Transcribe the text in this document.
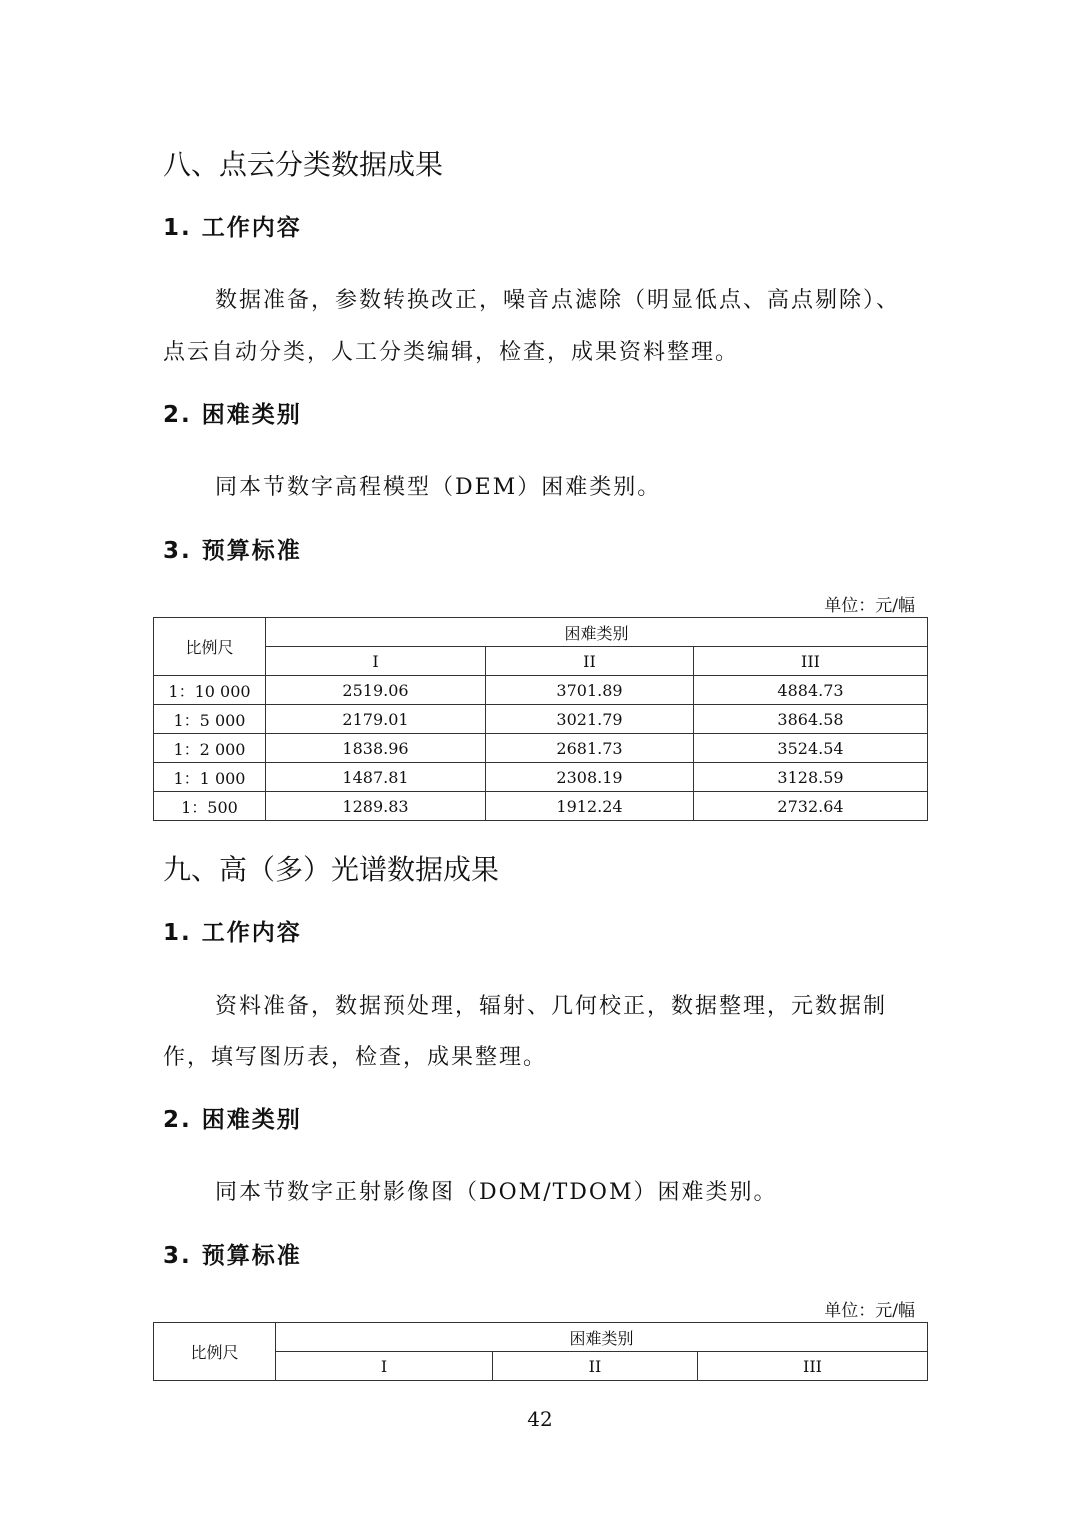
八、点云分类数据成果
1. 工作内容
数据准备，参数转换改正，噪音点滤除（明显低点、高点剔除）、
点云自动分类，人工分类编辑，检查，成果资料整理。
2. 困难类别
同本节数字高程模型（DEM）困难类别。
3. 预算标准
单位：元/幅
比例尺	困难类别		
	I	II	III
1：10 000	2519.06	3701.89	4884.73
1：5 000	2179.01	3021.79	3864.58
1：2 000	1838.96	2681.73	3524.54
1：1 000	1487.81	2308.19	3128.59
1：500	1289.83	1912.24	2732.64
九、高（多）光谱数据成果
1. 工作内容
资料准备，数据预处理，辐射、几何校正，数据整理，元数据制
作，填写图历表，检查，成果整理。
2. 困难类别
同本节数字正射影像图（DOM/TDOM）困难类别。
3. 预算标准
单位：元/幅
比例尺	困难类别		
	I	II	III
42
